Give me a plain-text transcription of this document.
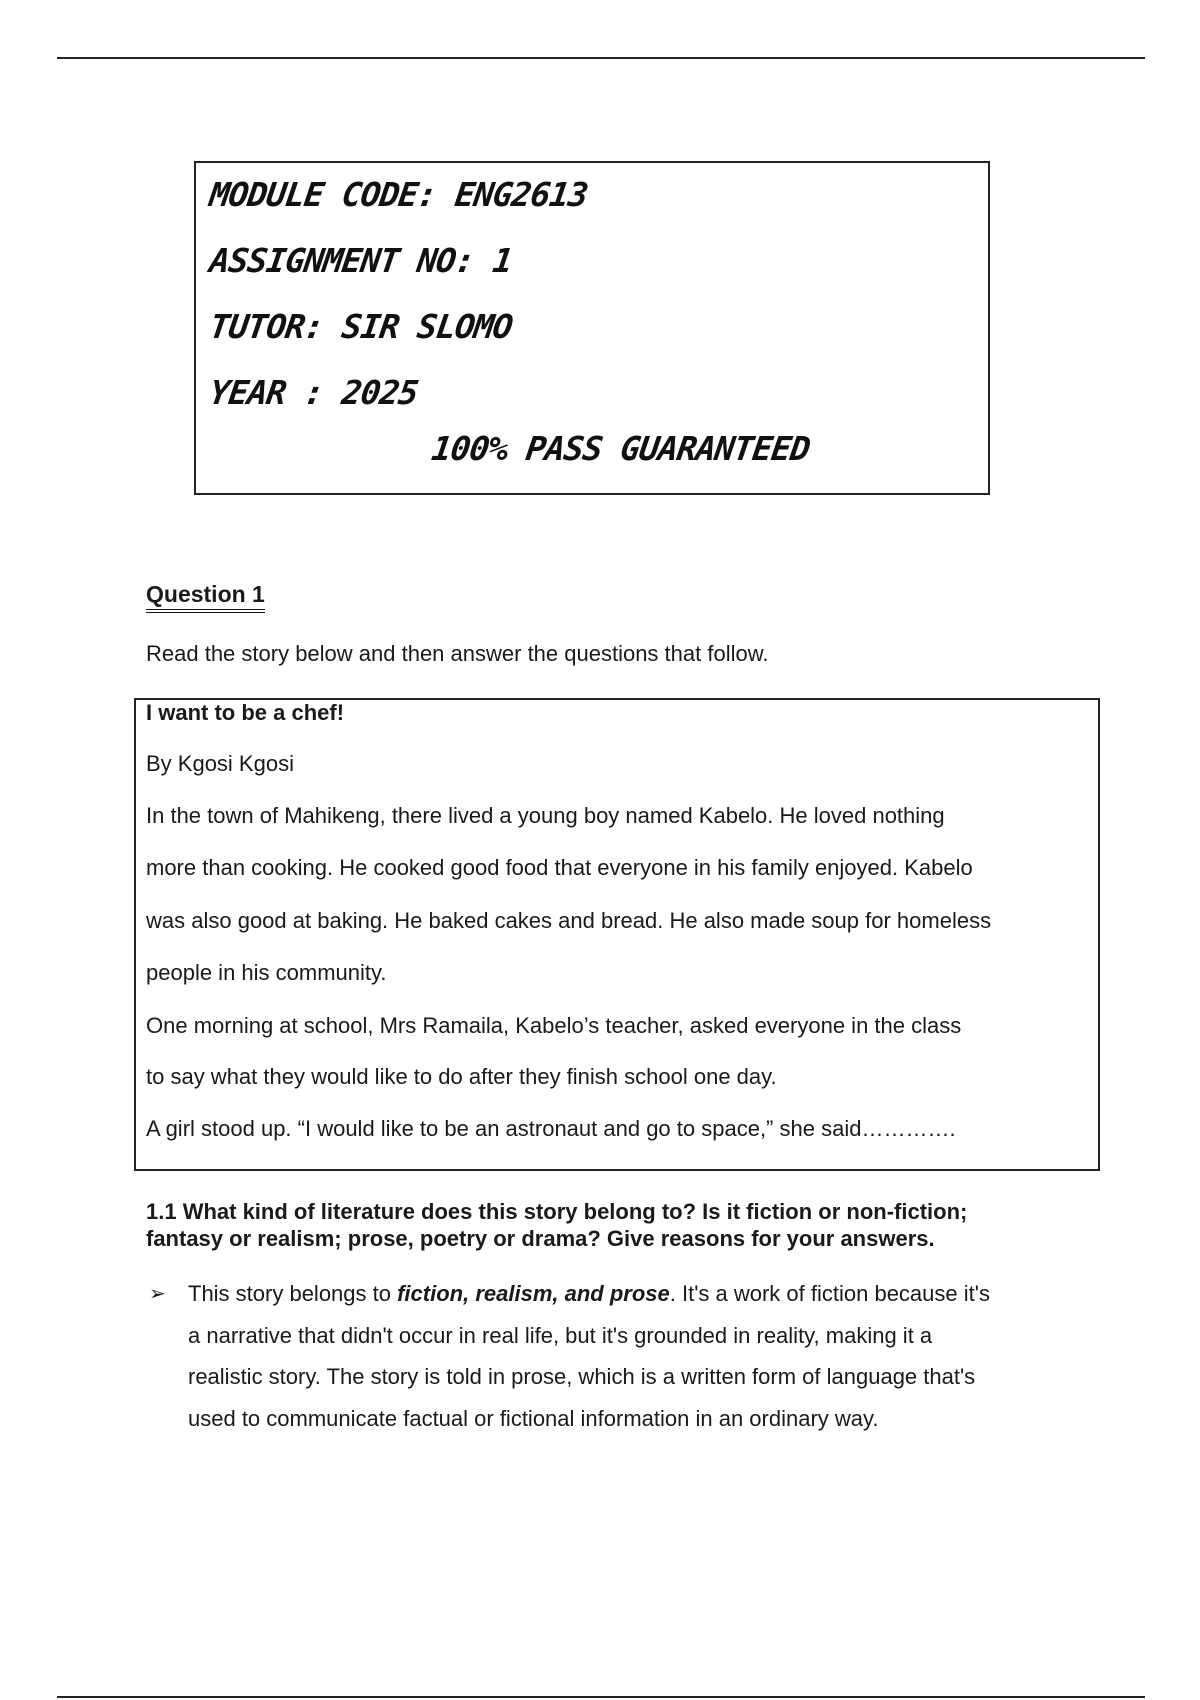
MODULE CODE: ENG2613
ASSIGNMENT NO: 1
TUTOR: SIR SLOMO
YEAR : 2025
100% PASS GUARANTEED
Question 1

Read the story below and then answer the questions that follow.

I want to be a chef!

By Kgosi Kgosi

In the town of Mahikeng, there lived a young boy named Kabelo. He loved nothing

more than cooking. He cooked good food that everyone in his family enjoyed. Kabelo

was also good at baking. He baked cakes and bread. He also made soup for homeless

people in his community.

One morning at school, Mrs Ramaila, Kabelo’s teacher, asked everyone in the class

to say what they would like to do after they finish school one day.

A girl stood up. “I would like to be an astronaut and go to space,” she said………….

1.1 What kind of literature does this story belong to? Is it fiction or non-fiction;
fantasy or realism; prose, poetry or drama? Give reasons for your answers.

➢ This story belongs to fiction, realism, and prose. It's a work of fiction because it's

a narrative that didn't occur in real life, but it's grounded in reality, making it a

realistic story. The story is told in prose, which is a written form of language that's

used to communicate factual or fictional information in an ordinary way.
